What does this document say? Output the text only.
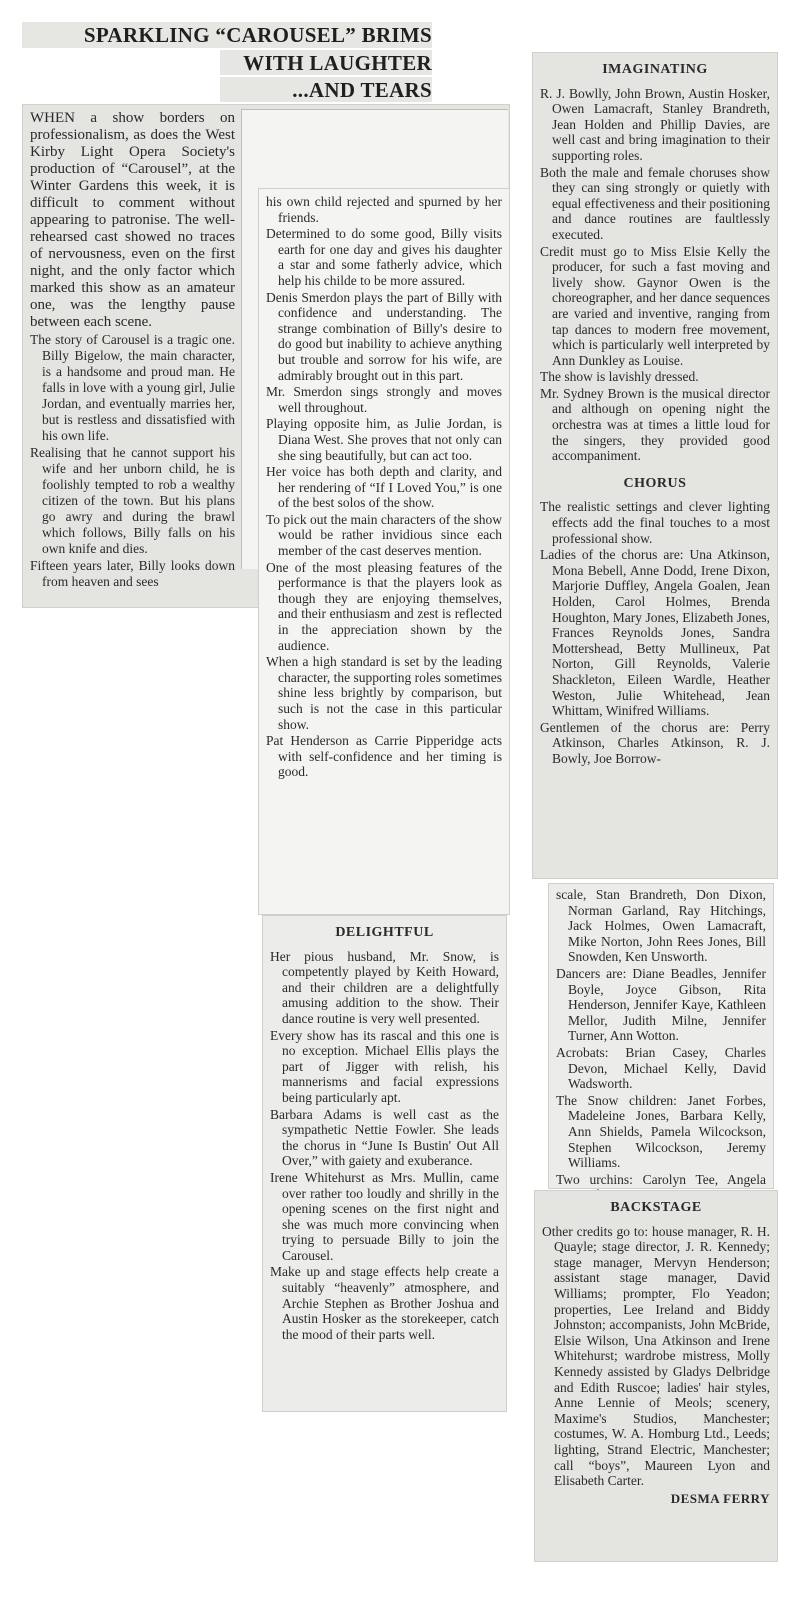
SPARKLING “CAROUSEL” BRIMS
WITH LAUGHTER
...AND TEARS

WHEN a show borders on professionalism, as does the West Kirby Light Opera Society's production of “Carousel”, at the Winter Gardens this week, it is difficult to comment without appearing to patronise. The well-rehearsed cast showed no traces of nervousness, even on the first night, and the only factor which marked this show as an amateur one, was the lengthy pause between each scene.

The story of Carousel is a tragic one. Billy Bigelow, the main character, is a handsome and proud man. He falls in love with a young girl, Julie Jordan, and eventually marries her, but is restless and dissatisfied with his own life.

Realising that he cannot support his wife and her unborn child, he is foolishly tempted to rob a wealthy citizen of the town. But his plans go awry and during the brawl which follows, Billy falls on his own knife and dies.

Fifteen years later, Billy looks down from heaven and sees

his own child rejected and spurned by her friends.

Determined to do some good, Billy visits earth for one day and gives his daughter a star and some fatherly advice, which help his childe to be more assured.

Denis Smerdon plays the part of Billy with confidence and understanding. The strange combination of Billy's desire to do good but inability to achieve anything but trouble and sorrow for his wife, are admirably brought out in this part.

Mr. Smerdon sings strongly and moves well throughout.

Playing opposite him, as Julie Jordan, is Diana West. She proves that not only can she sing beautifully, but can act too.

Her voice has both depth and clarity, and her rendering of “If I Loved You,” is one of the best solos of the show.

To pick out the main characters of the show would be rather invidious since each member of the cast deserves mention.

One of the most pleasing features of the performance is that the players look as though they are enjoying themselves, and their enthusiasm and zest is reflected in the appreciation shown by the audience.

When a high standard is set by the leading character, the supporting roles sometimes shine less brightly by comparison, but such is not the case in this particular show.

Pat Henderson as Carrie Pipperidge acts with self-confidence and her timing is good.

DELIGHTFUL

Her pious husband, Mr. Snow, is competently played by Keith Howard, and their children are a delightfully amusing addition to the show. Their dance routine is very well presented.

Every show has its rascal and this one is no exception. Michael Ellis plays the part of Jigger with relish, his mannerisms and facial expressions being particularly apt.

Barbara Adams is well cast as the sympathetic Nettie Fowler. She leads the chorus in “June Is Bustin' Out All Over,” with gaiety and exuberance.

Irene Whitehurst as Mrs. Mullin, came over rather too loudly and shrilly in the opening scenes on the first night and she was much more convincing when trying to persuade Billy to join the Carousel.

Make up and stage effects help create a suitably “heavenly” atmosphere, and Archie Stephen as Brother Joshua and Austin Hosker as the storekeeper, catch the mood of their parts well.

IMAGINATING

R. J. Bowlly, John Brown, Austin Hosker, Owen Lamacraft, Stanley Brandreth, Jean Holden and Phillip Davies, are well cast and bring imagination to their supporting roles.

Both the male and female choruses show they can sing strongly or quietly with equal effectiveness and their positioning and dance routines are faultlessly executed.

Credit must go to Miss Elsie Kelly the producer, for such a fast moving and lively show. Gaynor Owen is the choreographer, and her dance sequences are varied and inventive, ranging from tap dances to modern free movement, which is particularly well interpreted by Ann Dunkley as Louise.

The show is lavishly dressed.

Mr. Sydney Brown is the musical director and although on opening night the orchestra was at times a little loud for the singers, they provided good accompaniment.

CHORUS

The realistic settings and clever lighting effects add the final touches to a most professional show.

Ladies of the chorus are: Una Atkinson, Mona Bebell, Anne Dodd, Irene Dixon, Marjorie Duffley, Angela Goalen, Jean Holden, Carol Holmes, Brenda Houghton, Mary Jones, Elizabeth Jones, Frances Reynolds Jones, Sandra Mottershead, Betty Mullineux, Pat Norton, Gill Reynolds, Valerie Shackleton, Eileen Wardle, Heather Weston, Julie Whitehead, Jean Whittam, Winifred Williams.

Gentlemen of the chorus are: Perry Atkinson, Charles Atkinson, R. J. Bowly, Joe Borrow-

scale, Stan Brandreth, Don Dixon, Norman Garland, Ray Hitchings, Jack Holmes, Owen Lamacraft, Mike Norton, John Rees Jones, Bill Snowden, Ken Unsworth.

Dancers are: Diane Beadles, Jennifer Boyle, Joyce Gibson, Rita Henderson, Jennifer Kaye, Kathleen Mellor, Judith Milne, Jennifer Turner, Ann Wotton.

Acrobats: Brian Casey, Charles Devon, Michael Kelly, David Wadsworth.

The Snow children: Janet Forbes, Madeleine Jones, Barbara Kelly, Ann Shields, Pamela Wilcockson, Stephen Wilcockson, Jeremy Williams.

Two urchins: Carolyn Tee, Angela

BACKSTAGE

Other credits go to: house manager, R. H. Quayle; stage director, J. R. Kennedy; stage manager, Mervyn Henderson; assistant stage manager, David Williams; prompter, Flo Yeadon; properties, Lee Ireland and Biddy Johnston; accompanists, John McBride, Elsie Wilson, Una Atkinson and Irene Whitehurst; wardrobe mistress, Molly Kennedy assisted by Gladys Delbridge and Edith Ruscoe; ladies' hair styles, Anne Lennie of Meols; scenery, Maxime's Studios, Manchester; costumes, W. A. Homburg Ltd., Leeds; lighting, Strand Electric, Manchester; call “boys”, Maureen Lyon and Elisabeth Carter.

DESMA FERRY
